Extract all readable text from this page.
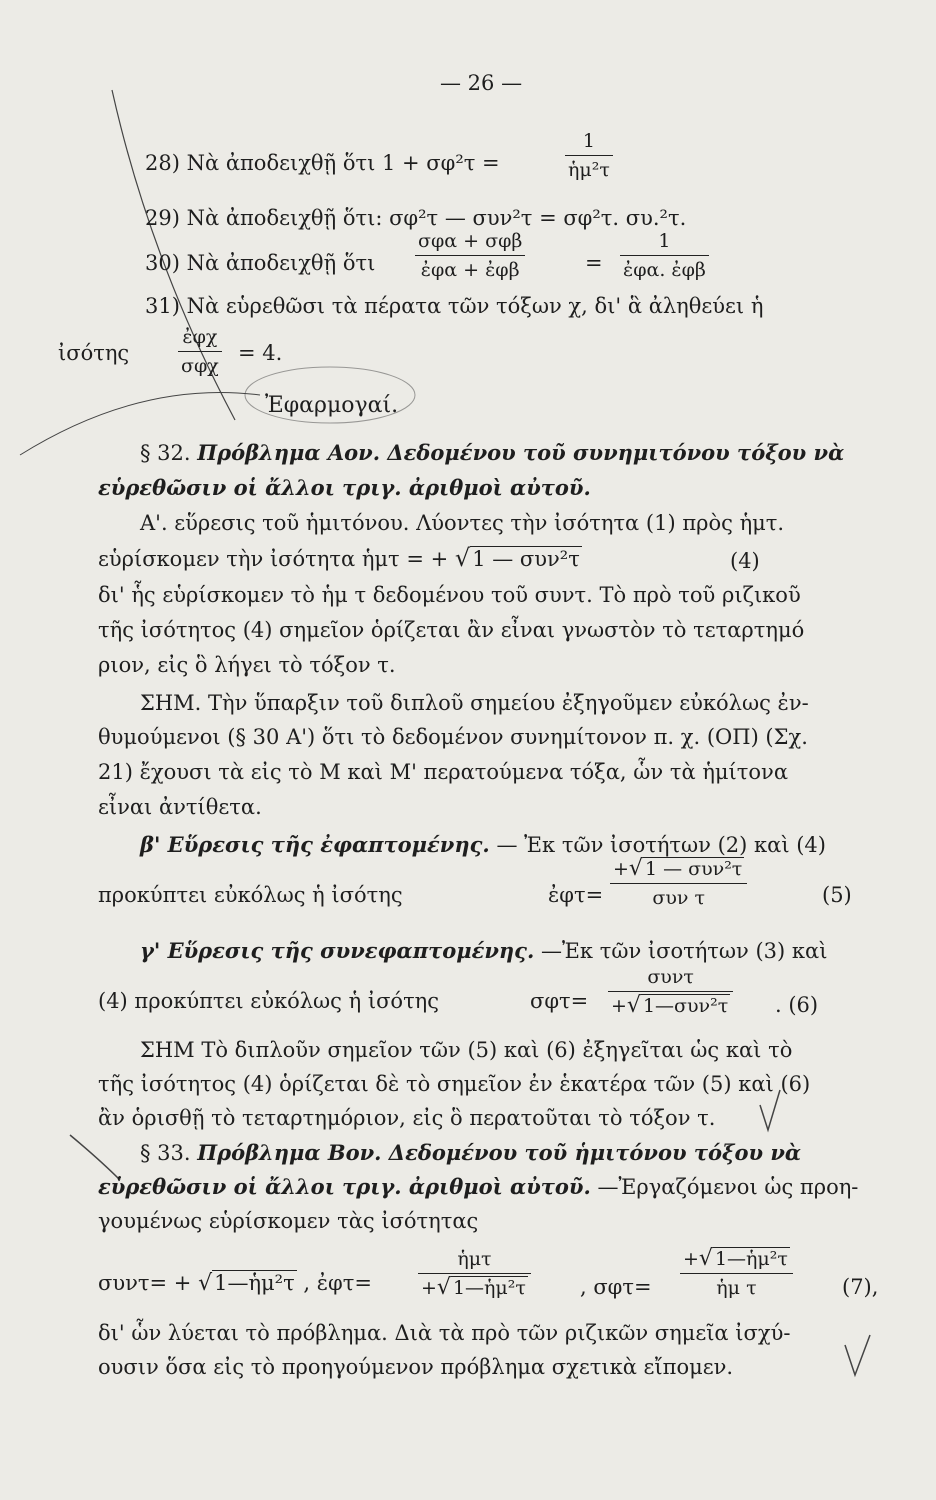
— 26 —
28) Νὰ ἀποδειχθῇ ὅτι 1 + σφ²τ =
1
ἡμ²τ
29) Νὰ ἀποδειχθῇ ὅτι: σφ²τ — συν²τ = σφ²τ. συ.²τ.
30) Νὰ ἀποδειχθῇ ὅτι
σφα + σφβ
ἐφα + ἐφβ	=
1
ἐφα. ἐφβ
31) Νὰ εὑρεθῶσι τὰ πέρατα τῶν τόξων χ, δι' ἃ ἀληθεύει ἡ
ἰσότης
ἐφχ
σφχ
= 4.
Ἐφαρμογαί.
§ 32. Πρόβλημα Αον. Δεδομένου τοῦ συνημιτόνου τόξου νὰ
εὑρεθῶσιν οἱ ἄλλοι τριγ. ἀριθμοὶ αὐτοῦ.
Α'. εὕρεσις τοῦ ἡμιτόνου. Λύοντες τὴν ἰσότητα (1) πρὸς ἡμτ.
εὑρίσκομεν τὴν ἰσότητα ἡμτ = + √1 — συν²τ	(4)
δι' ἧς εὑρίσκομεν τὸ ἡμ τ δεδομένου τοῦ συντ. Τὸ πρὸ τοῦ ριζικοῦ
τῆς ἰσότητος (4) σημεῖον ὁρίζεται ἂν εἶναι γνωστὸν τὸ τεταρτημό
ριον, εἰς ὃ λήγει τὸ τόξον τ.
ΣΗΜ. Τὴν ὕπαρξιν τοῦ διπλοῦ σημείου ἐξηγοῦμεν εὐκόλως ἐν-
θυμούμενοι (§ 30 Α') ὅτι τὸ δεδομένον συνημίτονον π. χ. (ΟΠ) (Σχ.
21) ἔχουσι τὰ εἰς τὸ Μ καὶ Μ' περατούμενα τόξα, ὧν τὰ ἡμίτονα
εἶναι ἀντίθετα.
β' Εὕρεσις τῆς ἐφαπτομένης. — Ἐκ τῶν ἰσοτήτων (2) καὶ (4)
προκύπτει εὐκόλως ἡ ἰσότης	ἐφτ=
+√ 1 — συν²τ
συν τ	(5)
γ' Εὕρεσις τῆς συνεφαπτομένης. —Ἐκ τῶν ἰσοτήτων (3) καὶ
(4) προκύπτει εὐκόλως ἡ ἰσότης	σφτ=
συντ
+√ 1—συν²τ . (6)
ΣΗΜ Τὸ διπλοῦν σημεῖον τῶν (5) καὶ (6) ἐξηγεῖται ὡς καὶ τὸ
τῆς ἰσότητος (4) ὁρίζεται δὲ τὸ σημεῖον ἐν ἑκατέρα τῶν (5) καὶ (6)
ἂν ὁρισθῇ τὸ τεταρτημόριον, εἰς ὃ περατοῦται τὸ τόξον τ.
§ 33. Πρόβλημα Βον. Δεδομένου τοῦ ἡμιτόνου τόξου νὰ
εὑρεθῶσιν οἱ ἄλλοι τριγ. ἀριθμοὶ αὐτοῦ. —Ἐργαζόμενοι ὡς προη-
γουμένως εὑρίσκομεν τὰς ἰσότητας
συντ= + √1—ἡμ²τ , ἐφτ=
ἡμτ
+√ 1—ἡμ²τ	, σφτ=
+√ 1—ἡμ²τ
ἡμ τ	(7),
δι' ὧν λύεται τὸ πρόβλημα. Διὰ τὰ πρὸ τῶν ριζικῶν σημεῖα ἰσχύ-
ουσιν ὅσα εἰς τὸ προηγούμενον πρόβλημα σχετικὰ εἴπομεν.
